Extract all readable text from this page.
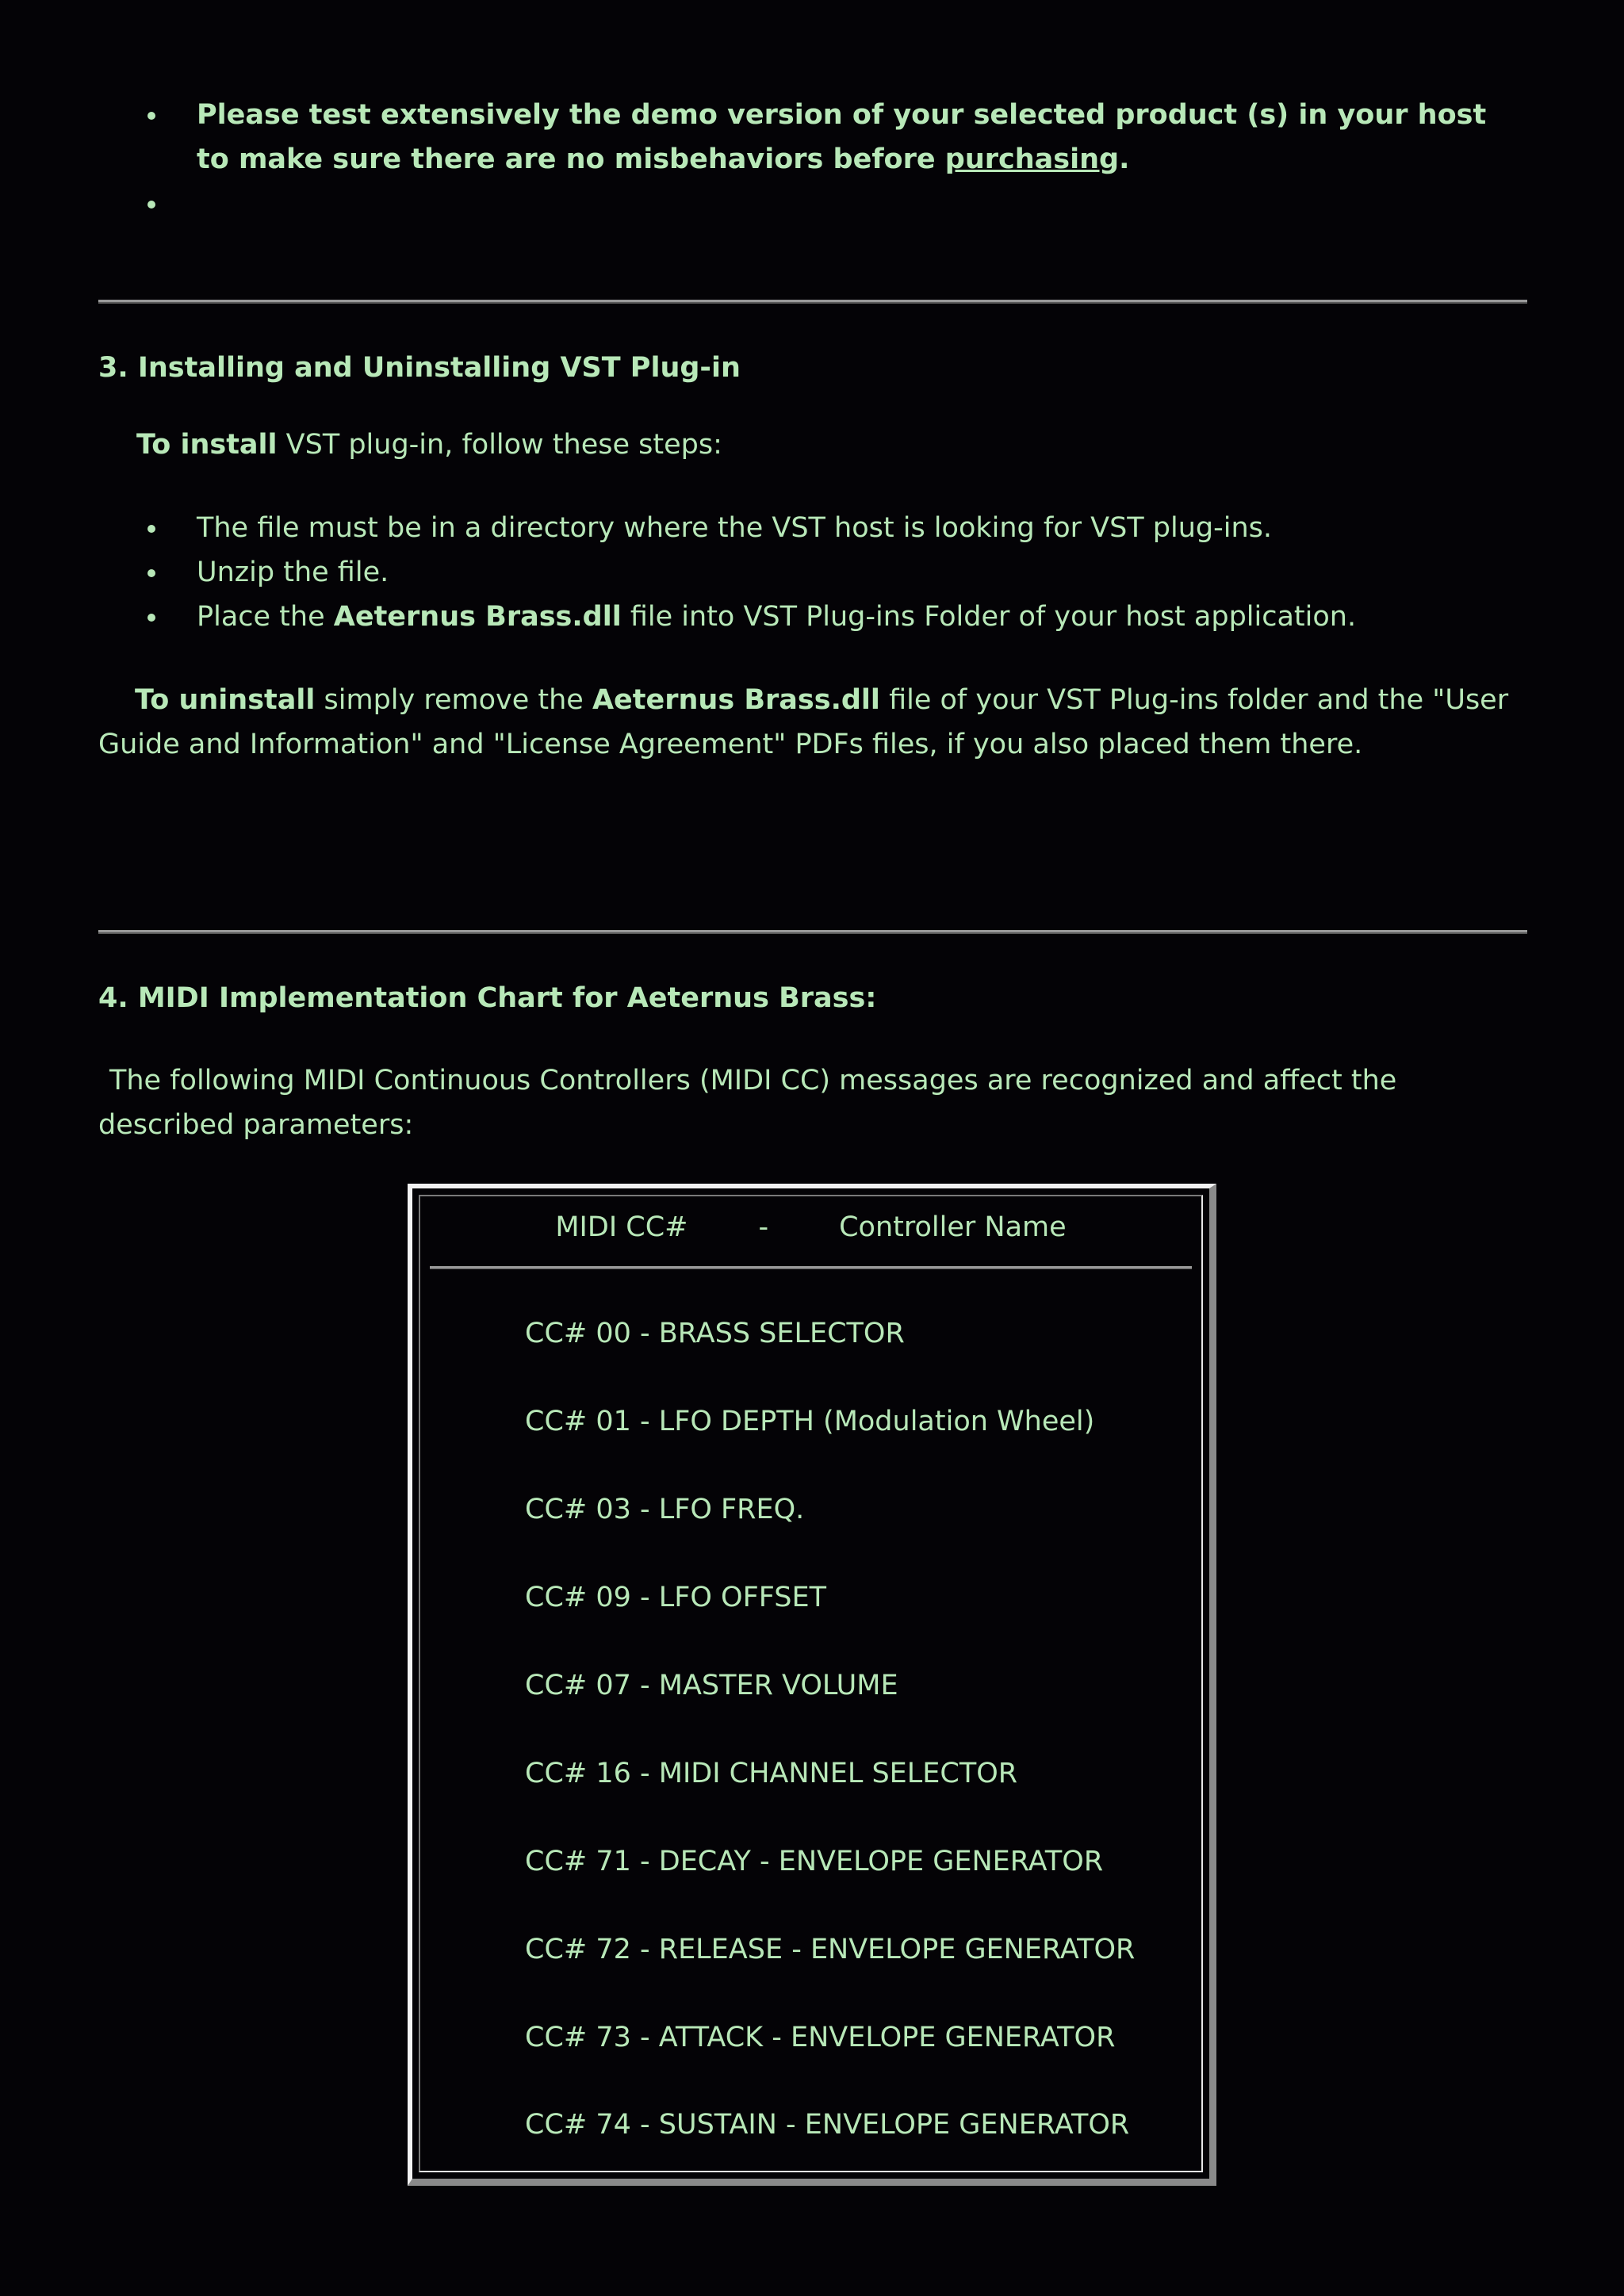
Please test extensively the demo version of your selected product (s) in your host to make sure there are no misbehaviors before purchasing.
3. Installing and Uninstalling VST Plug-in

To install VST plug-in, follow these steps:

The file must be in a directory where the VST host is looking for VST plug-ins.
Unzip the file.
Place the Aeternus Brass.dll file into VST Plug-ins Folder of your host application.

To uninstall simply remove the Aeternus Brass.dll file of your VST Plug-ins folder and the "User Guide and Information" and "License Agreement" PDFs files, if you also placed them there.

4. MIDI Implementation Chart for Aeternus Brass:

The following MIDI Continuous Controllers (MIDI CC) messages are recognized and affect the described parameters:

MIDI CC#        -        Controller Name
CC# 00 - BRASS SELECTOR
CC# 01 - LFO DEPTH (Modulation Wheel)
CC# 03 - LFO FREQ.
CC# 09 - LFO OFFSET
CC# 07 - MASTER VOLUME
CC# 16 - MIDI CHANNEL SELECTOR
CC# 71 - DECAY - ENVELOPE GENERATOR
CC# 72 - RELEASE - ENVELOPE GENERATOR
CC# 73 - ATTACK - ENVELOPE GENERATOR
CC# 74 - SUSTAIN - ENVELOPE GENERATOR
